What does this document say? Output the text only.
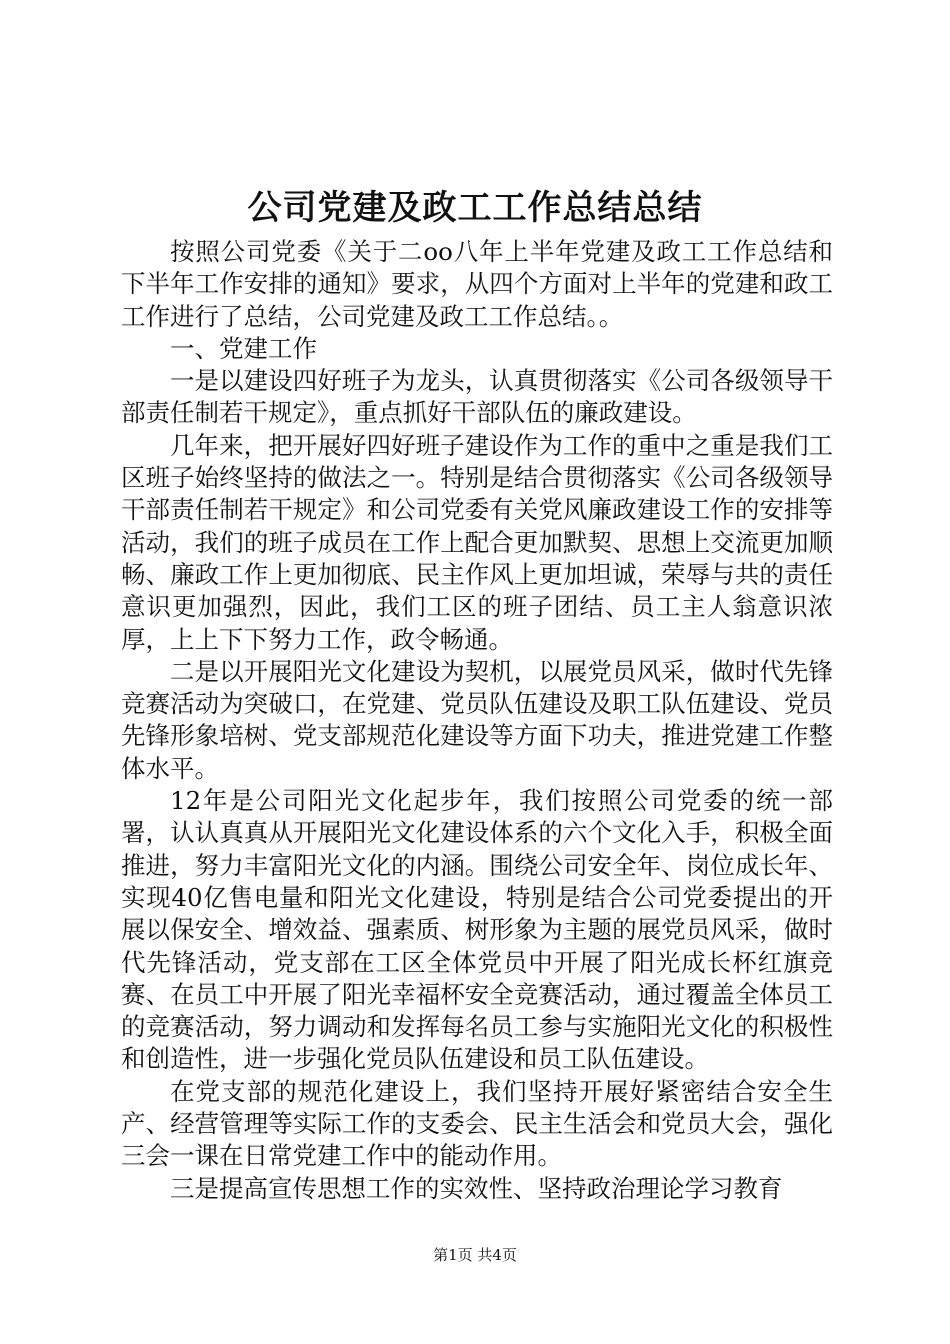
公司党建及政工工作总结总结

按照公司党委《关于二oo八年上半年党建及政工工作总结和下半年工作安排的通知》要求，从四个方面对上半年的党建和政工工作进行了总结，公司党建及政工工作总结。。

一、党建工作

一是以建设四好班子为龙头，认真贯彻落实《公司各级领导干部责任制若干规定》，重点抓好干部队伍的廉政建设。

几年来，把开展好四好班子建设作为工作的重中之重是我们工区班子始终坚持的做法之一。特别是结合贯彻落实《公司各级领导干部责任制若干规定》和公司党委有关党风廉政建设工作的安排等活动，我们的班子成员在工作上配合更加默契、思想上交流更加顺畅、廉政工作上更加彻底、民主作风上更加坦诚，荣辱与共的责任意识更加强烈，因此，我们工区的班子团结、员工主人翁意识浓厚，上上下下努力工作，政令畅通。

二是以开展阳光文化建设为契机，以展党员风采，做时代先锋竞赛活动为突破口，在党建、党员队伍建设及职工队伍建设、党员先锋形象培树、党支部规范化建设等方面下功夫，推进党建工作整体水平。

12年是公司阳光文化起步年，我们按照公司党委的统一部署，认认真真从开展阳光文化建设体系的六个文化入手，积极全面推进，努力丰富阳光文化的内涵。围绕公司安全年、岗位成长年、实现40亿售电量和阳光文化建设，特别是结合公司党委提出的开展以保安全、增效益、强素质、树形象为主题的展党员风采，做时代先锋活动，党支部在工区全体党员中开展了阳光成长杯红旗竞赛、在员工中开展了阳光幸福杯安全竞赛活动，通过覆盖全体员工的竞赛活动，努力调动和发挥每名员工参与实施阳光文化的积极性和创造性，进一步强化党员队伍建设和员工队伍建设。

在党支部的规范化建设上，我们坚持开展好紧密结合安全生产、经营管理等实际工作的支委会、民主生活会和党员大会，强化三会一课在日常党建工作中的能动作用。

三是提高宣传思想工作的实效性、坚持政治理论学习教育

第1页 共4页
